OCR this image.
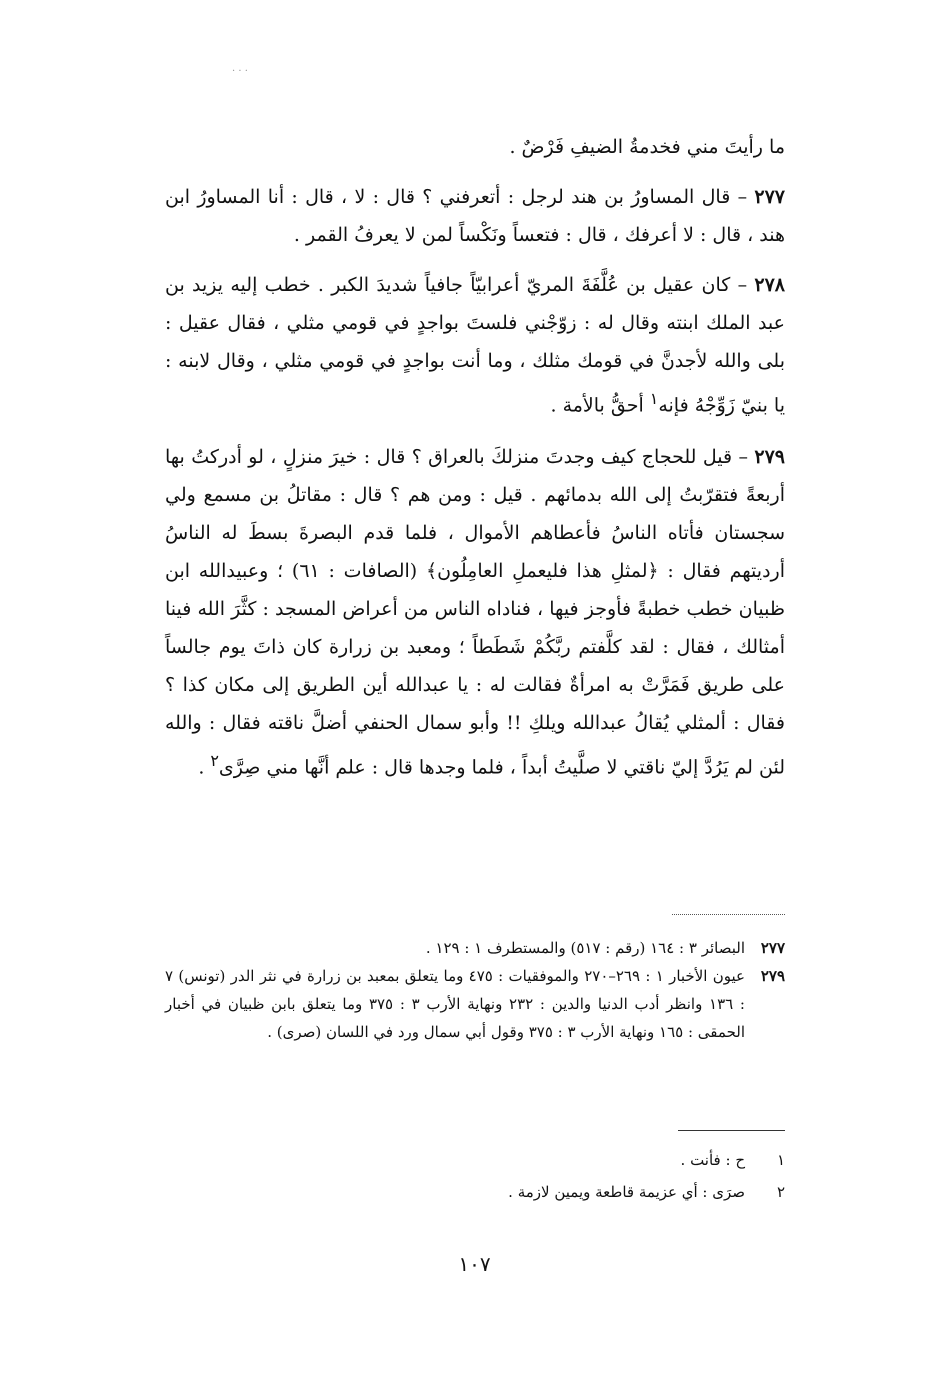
· · ·

ما رأيتَ مني فخدمةُ الضيفِ فَرْضٌ .

٢٧٧ – قال المساورُ بن هند لرجل : أتعرفني ؟ قال : لا ، قال : أنا المساورُ ابن هند ، قال : لا أعرفك ، قال : فتعساً ونَكْساً لمن لا يعرفُ القمر .

٢٧٨ – كان عقيل بن عُلَّفَةَ المريّ أعرابيّاً جافياً شديدَ الكبر . خطب إليه يزيد بن عبد الملك ابنته وقال له : زوّجْني فلستَ بواجدٍ في قومي مثلي ، فقال عقيل : بلى والله لأجدنَّ في قومك مثلك ، وما أنت بواجدٍ في قومي مثلي ، وقال لابنه : يا بنيّ زَوِّجْهُ فإنه$^١$ أحقُّ بالأمة .

٢٧٩ – قيل للحجاج كيف وجدتَ منزلكَ بالعراق ؟ قال : خيرَ منزلٍ ، لو أدركتُ بها أربعةً فتقرّبتُ إلى الله بدمائهم . قيل : ومن هم ؟ قال : مقاتلُ بن مسمع ولي سجستان فأتاه الناسُ فأعطاهم الأموال ، فلما قدم البصرةَ بسطَ له الناسُ أرديتهم فقال : ﴿لمثلِ هذا فليعملِ العامِلُون﴾ (الصافات : ٦١) ؛ وعبيدالله ابن ظبيان خطب خطبةً فأوجز فيها ، فناداه الناس من أعراض المسجد : كثَّرَ الله فينا أمثالك ، فقال : لقد كلَّفتم ربَّكُمْ شَطَطاً ؛ ومعبد بن زرارة كان ذاتَ يوم جالساً على طريق فَمَرَّتْ به امرأةٌ فقالت له : يا عبدالله أين الطريق إلى مكان كذا ؟ فقال : ألمثلي يُقالُ عبدالله ويلكِ !! وأبو سمال الحنفي أضلَّ ناقته فقال : والله لئن لم يَرُدَّ إليّ ناقتي لا صلَّيتُ أبداً ، فلما وجدها قال : علم أنَّها مني صِرَّى$^٢$ .

٢٧٧
البصائر ٣ : ١٦٤ (رقم : ٥١٧) والمستطرف ١ : ١٢٩ .
٢٧٩
عيون الأخبار ١ : ٢٦٩–٢٧٠ والموفقيات : ٤٧٥ وما يتعلق بمعبد بن زرارة في نثر الدر (تونس) ٧ : ١٣٦ وانظر أدب الدنيا والدين : ٢٣٢ ونهاية الأرب ٣ : ٣٧٥ وما يتعلق بابن ظبيان في أخبار الحمقى : ١٦٥ ونهاية الأرب ٣ : ٣٧٥ وقول أبي سمال ورد في اللسان (صرى) .
١
ح : فأنت .
٢
صرَى : أي عزيمة قاطعة ويمين لازمة .
١٠٧
